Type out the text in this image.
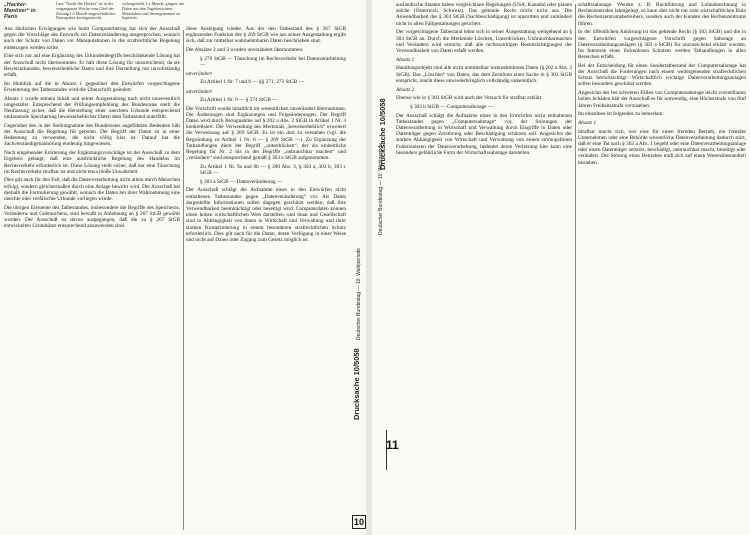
„Hacker-Manöver“ in Paris
Laut "Nacht der Hacker" ist in der vergangenen Woche vom Chef der Zeitung Le Monde ungewöhnliches Datenpaket durchgerutscht.
sichergestellt, Le Monde, gingen, um Daten aus den Tagesberichten, Materialien und Stenogrammen zu kopieren.

Aus ähnlichen Erwägungen wie beim Computerbetrug hat sich der Ausschuß gegen die Vorschläge des Entwurfs zur Datenveränderung ausgesprochen, wonach auch der Schutz von Daten vor Manipulationen in die strafrechtliche Regelung einbezogen werden sollte.

Eine sich nur auf eine Ergänzung des Urkundenbegriffs beschränkende Lösung hat der Ausschuß nicht übernommen. Er hält diese Lösung für unzureichend, da sie Beweisurkunden, beweiserhebliche Daten und ihre Darstellung nur unvollständig erfaßt.

Im Hinblick auf die in Absatz 1 gegenüber den Entwürfen vorgeschlagene Erweiterung des Tatbestandes wird die Überschrift geändert.

Absatz 1 wurde seinem Inhalt und seiner Ausgestaltung nach nicht unwesentlich umgestaltet. Entsprechend der Prüfungsempfehlung des Bundesrates stellt die Neufassung sicher, daß die Herstellung einer unechten Urkunde entsprechend umfassende Speicherung beweiserheblicher Daten dem Tatbestand unterfällt.

Gegenüber den in der Stellungnahme des Bundesrates angeführten Bedenken hält der Ausschuß die Regelung für geboten. Der Begriff der Daten ist in einer Bedeutung zu verwenden, die nicht völlig klar ist. Darauf hat die Sachverständigenanhörung eindeutig hingewiesen.

Nach eingehender Erörterung der Ergänzungsvorschläge ist der Ausschuß zu dem Ergebnis gelangt, daß eine ausdrückliche Regelung des Handelns im Rechtsverkehr erforderlich ist. Diese Lösung stellt sicher, daß nur eine Täuschung im Rechtsverkehr strafbar ist und nicht etwa bloße Unwahrheit.

Dies gilt auch für den Fall, daß die Datenverarbeitung nicht allein durch Menschen erfolgt, sondern gleichermaßen durch eine Anlage bewirkt wird. Der Ausschuß hat deshalb die Formulierung gewählt, wonach die Daten bei ihrer Wahrnehmung eine unechte oder verfälschte Urkunde vorliegen würde.

Die übrigen Elemente des Tatbestandes, insbesondere die Begriffe des Speicherns, Veränderns und Gebrauchens, sind bewußt in Anlehnung an § 267 StGB gewählt worden. Der Ausschuß ist davon ausgegangen, daß die zu § 267 StGB entwickelten Grundsätze entsprechend anzuwenden sind.

diese Auslegung wieder. Aus der den Tatbestand des § 267 StGB ergänzenden Funktion des § 269 StGB wie aus seiner Ausgestaltung ergibt sich, daß zur mittelbar wahrnehmbaren Daten beschrieben sind.

Die Absätze 2 und 3 wurden unverändert übernommen.

§ 270 StGB — Täuschung im Rechtsverkehr bei Datenverarbeitung —

unverändert

Zu Artikel 1 Nr. 7 und 8 — §§ 271, 273 StGB —

unverändert

Zu Artikel 1 Nr. 9 — § 274 StGB —

Die Vorschrift wurde inhaltlich im wesentlichen unverändert übernommen. Die Änderungen sind Ergänzungen und Folgeänderungen. Der Begriff Daten wird durch Bezugnahme auf § 202 a Abs. 2 StGB in Artikel 1 Nr. 3 konkretisiert. Die Verwendung des Merkmals „beweiserheblich“ erweitert die Verweisung auf § 269 StGB. Es ist ein dort zu verstehen (vgl. die Begründung zu Artikel 1 Nr. 6 — § 269 StGB —). Zu Ergänzung der Tathandlungen dient der Begriff „unterdrücken“, der als einheitliche Regelung für Nr. 2 bis in der Begriffe „unbrauchbar machen“ und „verändern“ sind entsprechend gemäß § 303 a StGB aufgenommen.

Zu Artikel 1 Nr. 9a und 9b — § 300 Abs. 3, § 303 a, 303 b, 303 c StGB —

§ 303 a StGB — Datenveränderung —

Der Ausschuß schlägt die Aufnahme eines in den Entwürfen nicht enthaltenen Tatbestandes gegen „Datenveränderung“ vor. Als Daten dargestellte Informationen sollen dagegen geschützt werden, daß ihre Verwendbarkeit beeinträchtigt oder beseitigt wird. Computerdaten können einen hohen wirtschaftlichen Wert darstellen, und Staat und Gesellschaft sind in Abhängigkeit von ihnen in Wirtschaft und Verwaltung und ihrer starken Komprimierung in einem besonderen strafrechtlichen Schutz erforderlich. Dies gilt auch für die Daten, deren Verfügung in einer Weise und nicht auf Dauer oder Zugang zum Gesetz möglich ist.

Drucksache 10/5058
Deutscher Bundestag — 10. Wahlperiode
10
Drucksache 10/5058
Deutscher Bundestag — 10. Wahlperiode
11

ausländische Staaten haben vergleichbare Regelungen (USA, Kanada) oder planen solche (Österreich, Schweiz). Das geltende Recht reicht nicht aus. Die Anwendbarkeit des § 303 StGB (Sachbeschädigung) ist umstritten und zumindest nicht in allen Fallgestaltungen gesichert.

Der vorgeschlagene Tatbestand lehnt sich in seiner Ausgestaltung weitgehend an § 303 StGB an. Durch die Merkmale Löschen, Unterdrücken, Unbrauchbarmachen und Verändern wird erreicht, daß alle rechtswidrigen Beeinträchtigungen der Verwendbarkeit von Daten erfaßt werden.

Absatz 1

Handlungsobjekt sind alle nicht unmittelbar wahrnehmbaren Daten (§ 202 a Abs. 2 StGB). Das „Löschen“ von Daten, das dem Zerstören einer Sache in § 303 StGB entspricht, macht diese unwiederbringlich vollständig unkenntlich.

Absatz 2

Ebenso wie in § 303 StGB wird auch der Versuch für strafbar erklärt.

§ 303 b StGB — Computersabotage —

Der Ausschuß schlägt die Aufnahme eines in den Entwürfen nicht enthaltenen Tatbestandes gegen „Computersabotage“ vor, der Störungen der Datenverarbeitung in Wirtschaft und Verwaltung durch Eingriffe in Daten oder Datenträger gegen Zerstörung oder Beschädigung schützen soll. Angesichts der starken Abhängigkeit von Wirtschaft und Verwaltung von einem störungsfreien Funktionieren der Datenverarbeitung, bedeutet deren Verletzung hier kann eine besonders gefährliche Form der Wirtschaftssabotage darstellen.

schaftssabotage. Werden z. B. Buchführung und Lohnabrechnung in Rechenzentralen lahmgelegt, so kann dies nicht nur zum wirtschaftlichen Ruin des Rechenzentrumsbetreibers, sondern auch der Kunden des Rechenzentrums führen.

In der öffentlichen Anhörung ist das geltende Recht (§ 303 StGB) und die in den Entwürfen vorgeschlagene Vorschrift gegen Sabotage an Datenverarbeitungsanlagen (§ 303 a StGB) für unzureichend erklärt worden. Im Interesse eines lückenlosen Schutzes werden Tathandlungen in allen Bereichen erfaßt.

Bei der Entscheidung für einen Sondertatbestand der Computersabotage hat der Ausschuß die Forderungen nach einem weitergehenden strafrechtlichen Schutz berücksichtigt. Wirtschaftlich wichtige Datenverarbeitungsanlagen sollen besonders geschützt werden.

Angesichts der bei schweren Fällen von Computersabotage leicht vorstellbaren hohen Schäden hält der Ausschuß es für notwendig, eine Höchststrafe von fünf Jahren Freiheitsstrafe vorzusehen.

Im einzelnen ist folgendes zu bemerken:

Absatz 1

Strafbar macht sich, wer eine für einen fremden Betrieb, ein fremdes Unternehmen oder eine Behörde wesentliche Datenverarbeitung dadurch stört, daß er eine Tat nach § 303 a Abs. 1 begeht oder eine Datenverarbeitungsanlage oder einen Datenträger zerstört, beschädigt, unbrauchbar macht, beseitigt oder verändert. Die Störung eines Betriebes muß sich auf einen Wesensbestandteil beziehen.
